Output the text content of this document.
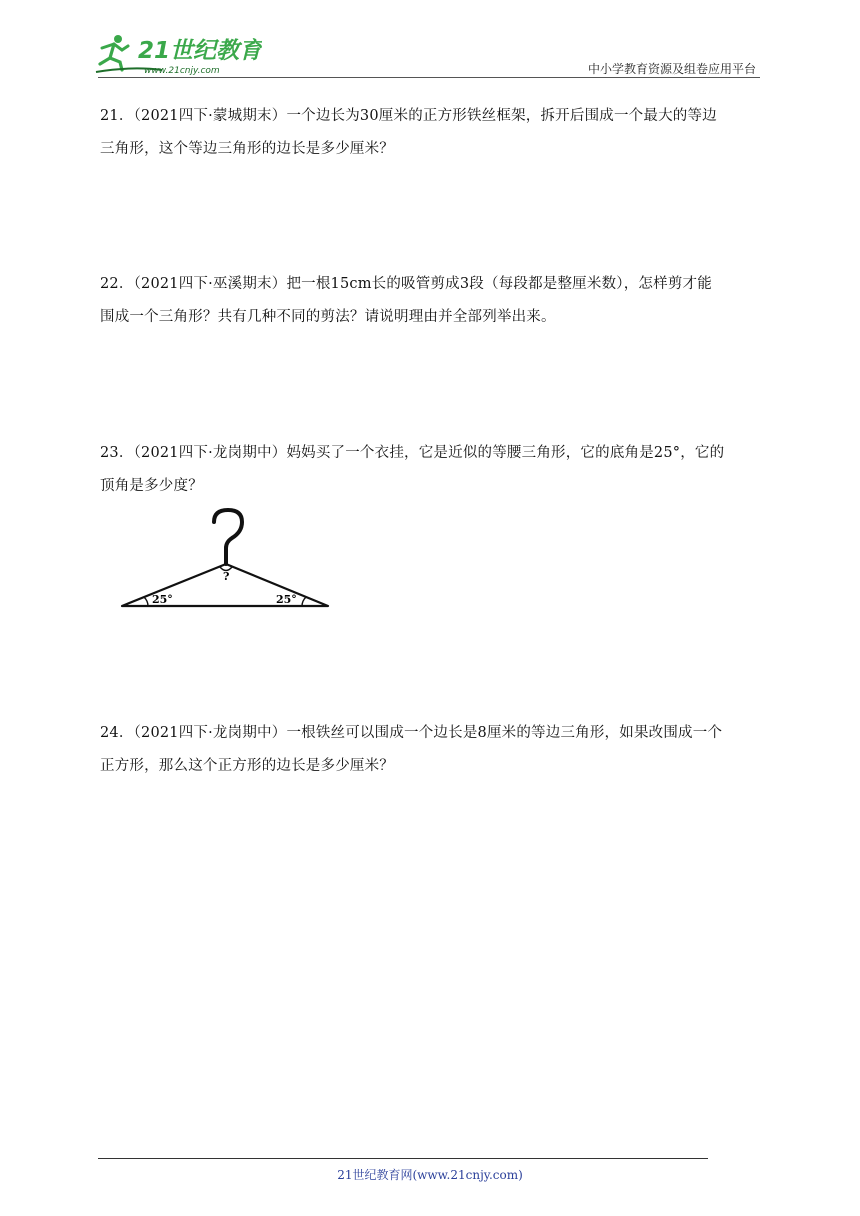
21世纪教育
www.21cnjy.com	中小学教育资源及组卷应用平台

21．（2021四下·蒙城期末）一个边长为30厘米的正方形铁丝框架，拆开后围成一个最大的等边

三角形，这个等边三角形的边长是多少厘米？

22．（2021四下·巫溪期末）把一根15cm长的吸管剪成3段（每段都是整厘米数），怎样剪才能

围成一个三角形？共有几种不同的剪法？请说明理由并全部列举出来。

23．（2021四下·龙岗期中）妈妈买了一个衣挂，它是近似的等腰三角形，它的底角是25°，它的

顶角是多少度？

?
25°	25°

24．（2021四下·龙岗期中）一根铁丝可以围成一个边长是8厘米的等边三角形，如果改围成一个

正方形，那么这个正方形的边长是多少厘米？

21世纪教育网(www.21cnjy.com)
